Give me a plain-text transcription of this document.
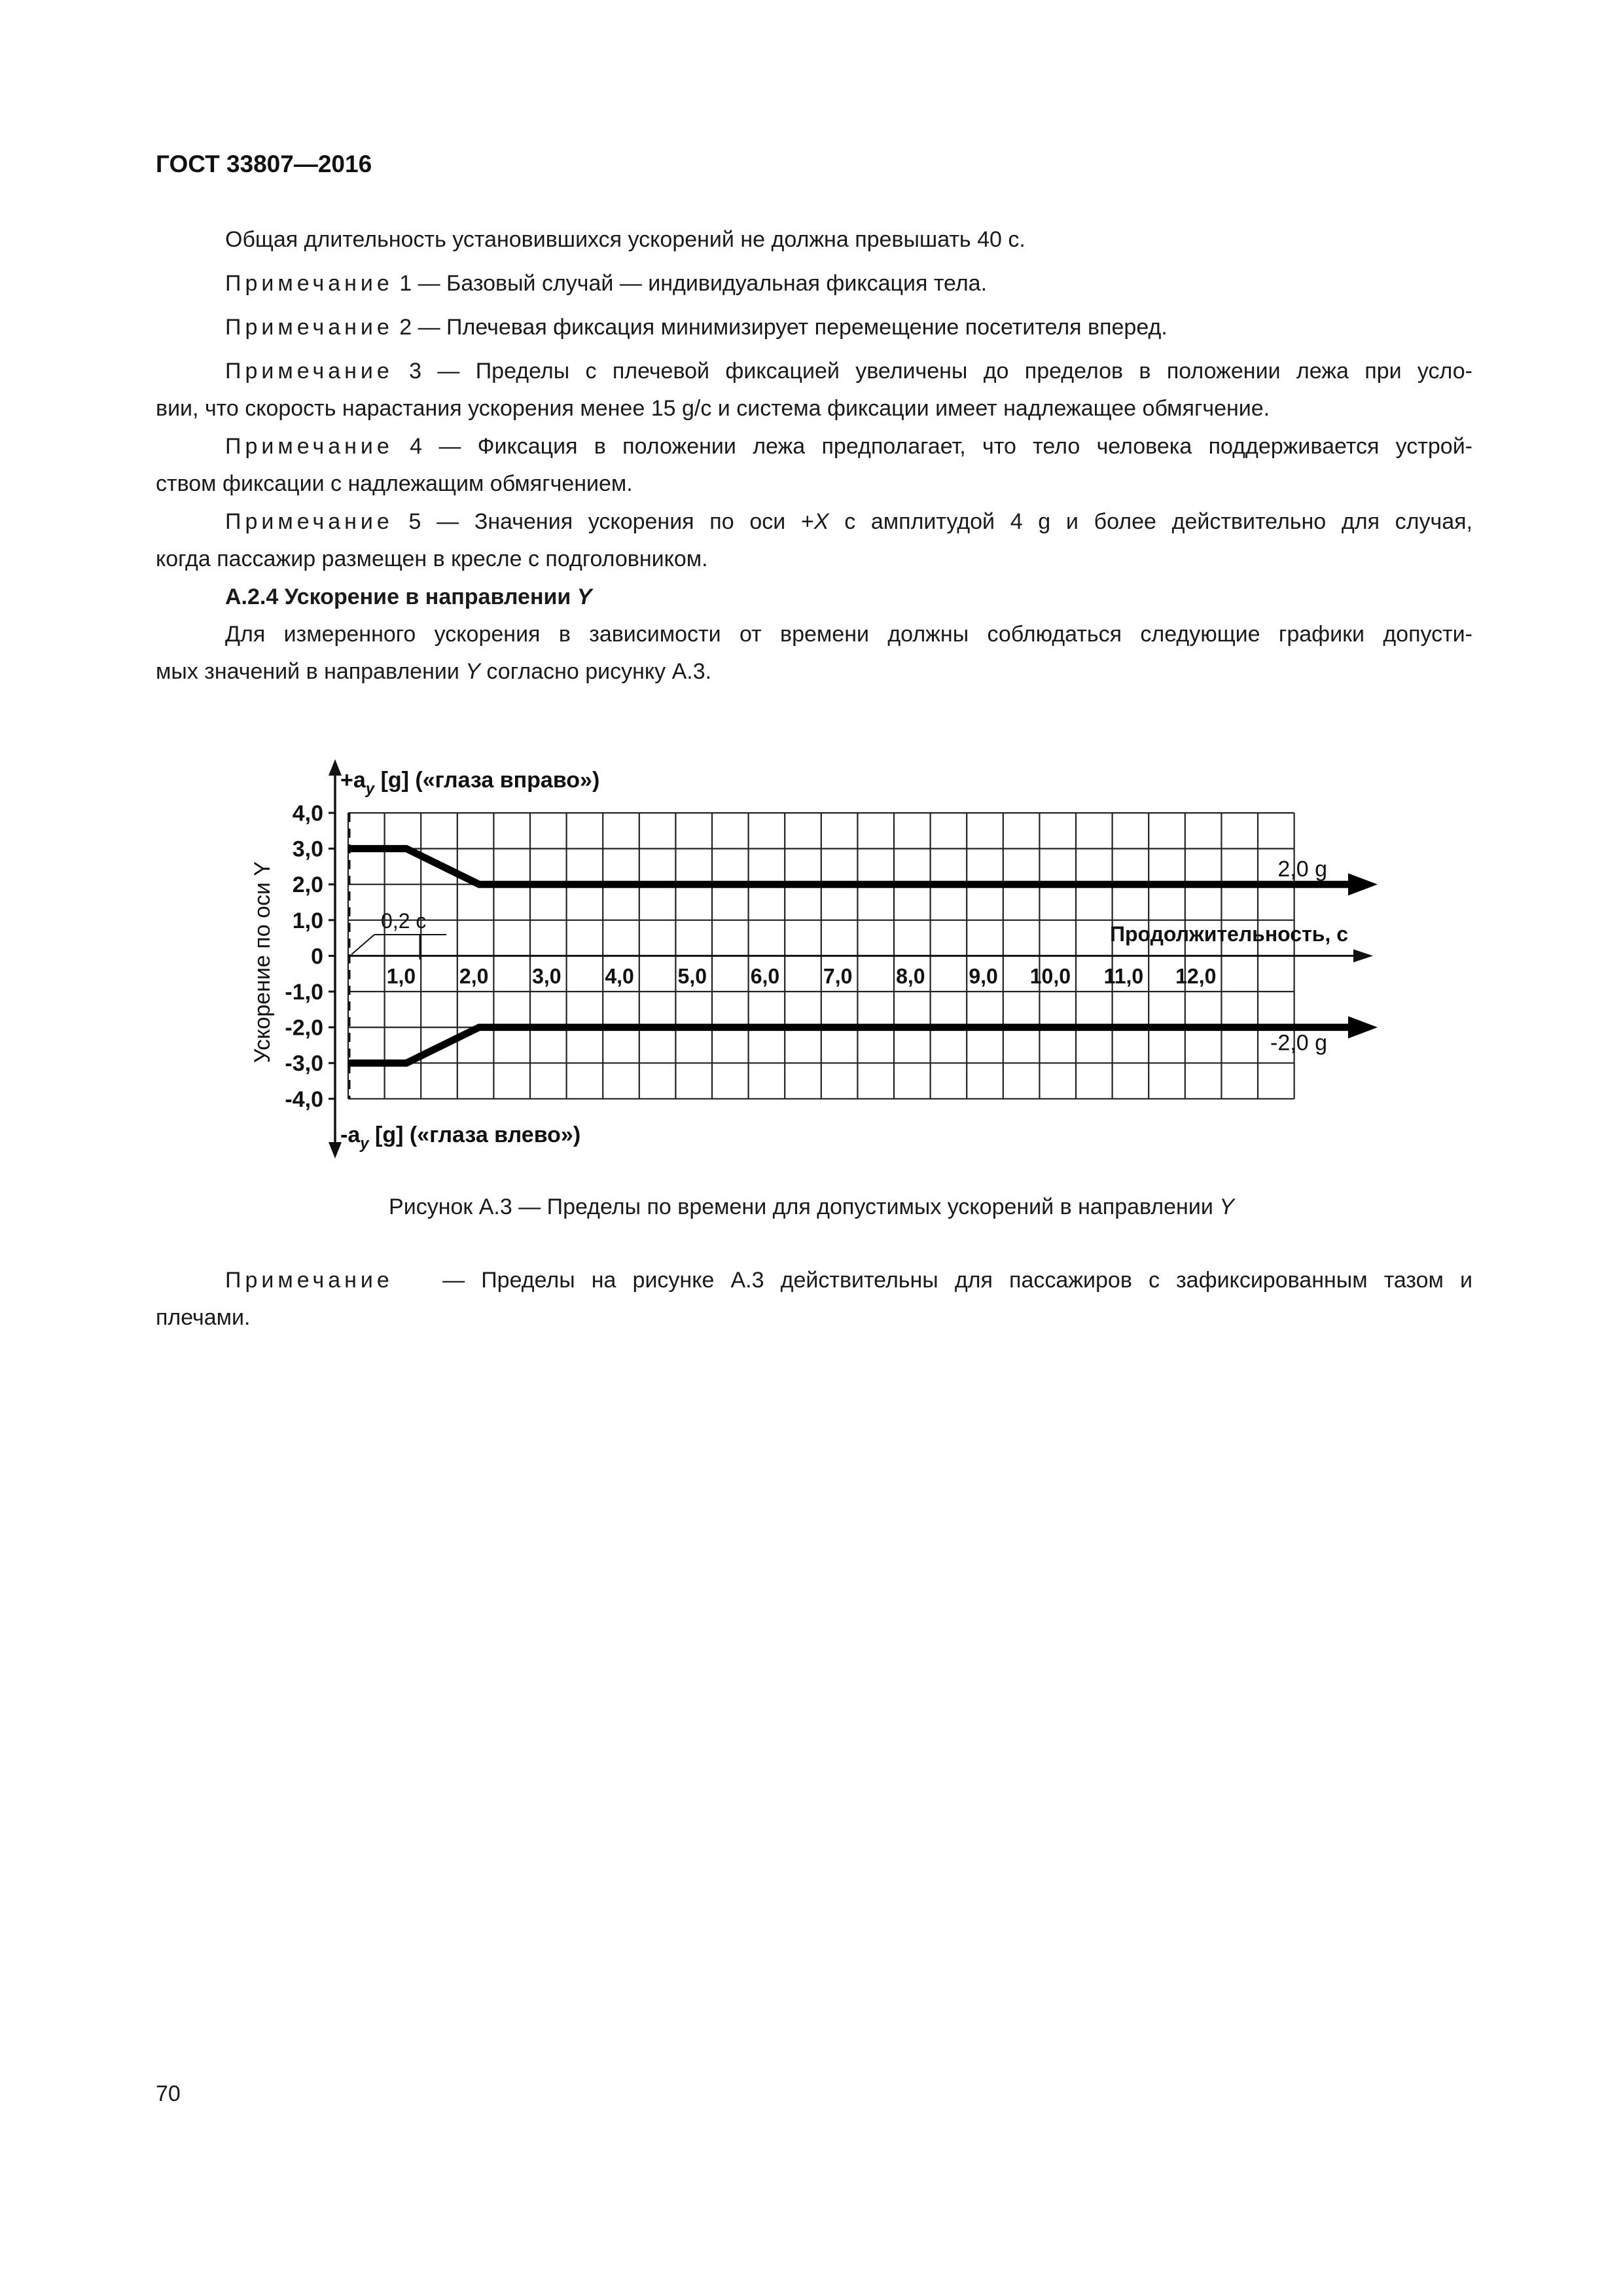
ГОСТ 33807—2016

Общая длительность установившихся ускорений не должна превышать 40 с.

Примечание 1 — Базовый случай — индивидуальная фиксация тела.

Примечание 2 — Плечевая фиксация минимизирует перемещение посетителя вперед.

Примечание 3 — Пределы с плечевой фиксацией увеличены до пределов в положении лежа при усло-
вии, что скорость нарастания ускорения менее 15 g/c и система фиксации имеет надлежащее обмягчение.
Примечание 4 — Фиксация в положении лежа предполагает, что тело человека поддерживается устрой-
ством фиксации с надлежащим обмягчением.
Примечание 5 — Значения ускорения по оси +X с амплитудой 4 g и более действительно для случая,
когда пассажир размещен в кресле с подголовником.
А.2.4 Ускорение в направлении Y
Для измеренного ускорения в зависимости от времени должны соблюдаться следующие графики допусти-
мых значений в направлении Y согласно рисунку А.3.
$+a_y$ [g] («глаза вправо»)
$-a_y$ [g] («глаза влево»)
Продолжительность, с
Ускорение по оси Y	0,2 с
4,0
3,0
2,0
1,0
0
-1,0
-2,0
-3,0
-4,0
1,0 2,0 3,0 4,0 5,0 6,0 7,0 8,0 9,0 10,0 11,0 12,0
2,0 g
-2,0 g
Рисунок А.3 — Пределы по времени для допустимых ускорений в направлении Y
Примечание — Пределы на рисунке А.3 действительны для пассажиров с зафиксированным тазом и
плечами.
70
